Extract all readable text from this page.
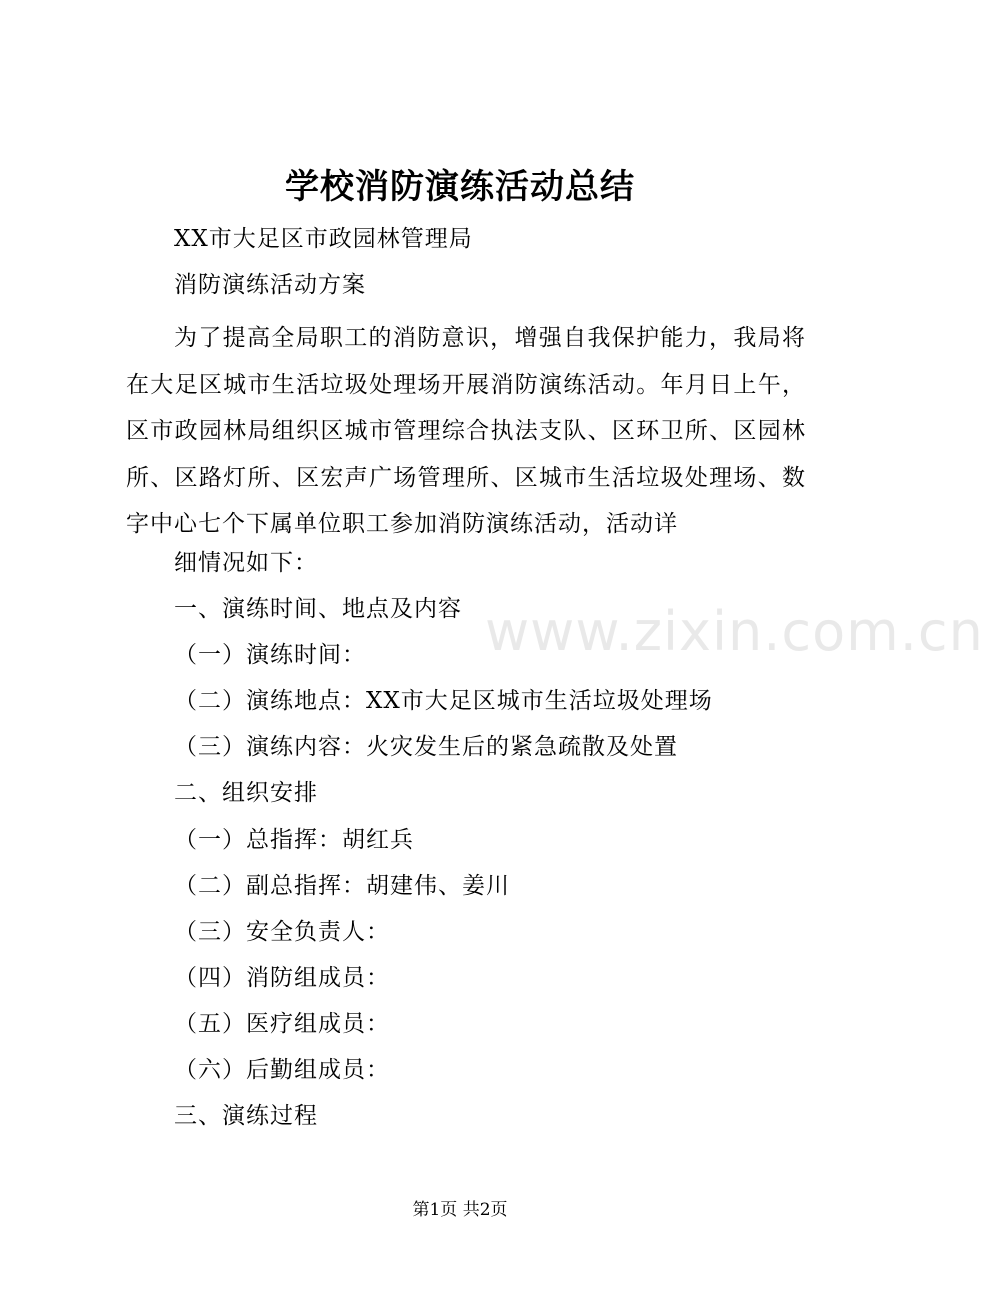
学校消防演练活动总结
XX市大足区市政园林管理局
消防演练活动方案
为了提高全局职工的消防意识，增强自我保护能力，我局将在大足区城市生活垃圾处理场开展消防演练活动。年月日上午，区市政园林局组织区城市管理综合执法支队、区环卫所、区园林所、区路灯所、区宏声广场管理所、区城市生活垃圾处理场、数字中心七个下属单位职工参加消防演练活动，活动详
细情况如下：
一、演练时间、地点及内容
（一）演练时间：
（二）演练地点：XX市大足区城市生活垃圾处理场
（三）演练内容：火灾发生后的紧急疏散及处置
二、组织安排
（一）总指挥：胡红兵
（二）副总指挥：胡建伟、姜川
（三）安全负责人：
（四）消防组成员：
（五）医疗组成员：
（六）后勤组成员：
三、演练过程
www.zixin.com.cn
第1页 共2页
